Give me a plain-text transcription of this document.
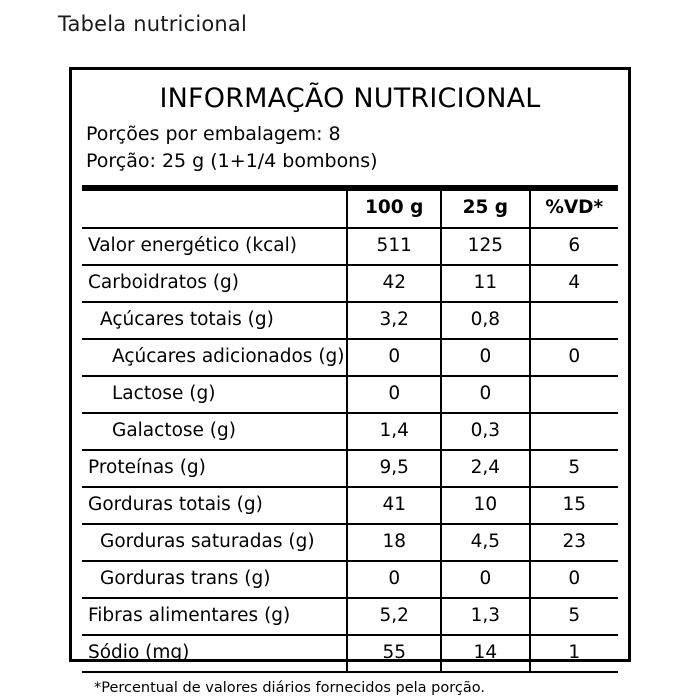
Tabela nutricional
INFORMAÇÃO NUTRICIONAL
Porções por embalagem: 8
Porção: 25 g (1+1/4 bombons)
	100 g	25 g	%VD*
Valor energético (kcal)	511	125	6
Carboidratos (g)	42	11	4
Açúcares totais (g)	3,2	0,8	
Açúcares adicionados (g)	0	0	0
Lactose (g)	0	0	
Galactose (g)	1,4	0,3	
Proteínas (g)	9,5	2,4	5
Gorduras totais (g)	41	10	15
Gorduras saturadas (g)	18	4,5	23
Gorduras trans (g)	0	0	0
Fibras alimentares (g)	5,2	1,3	5
Sódio (mg)	55	14	1
*Percentual de valores diários fornecidos pela porção.
